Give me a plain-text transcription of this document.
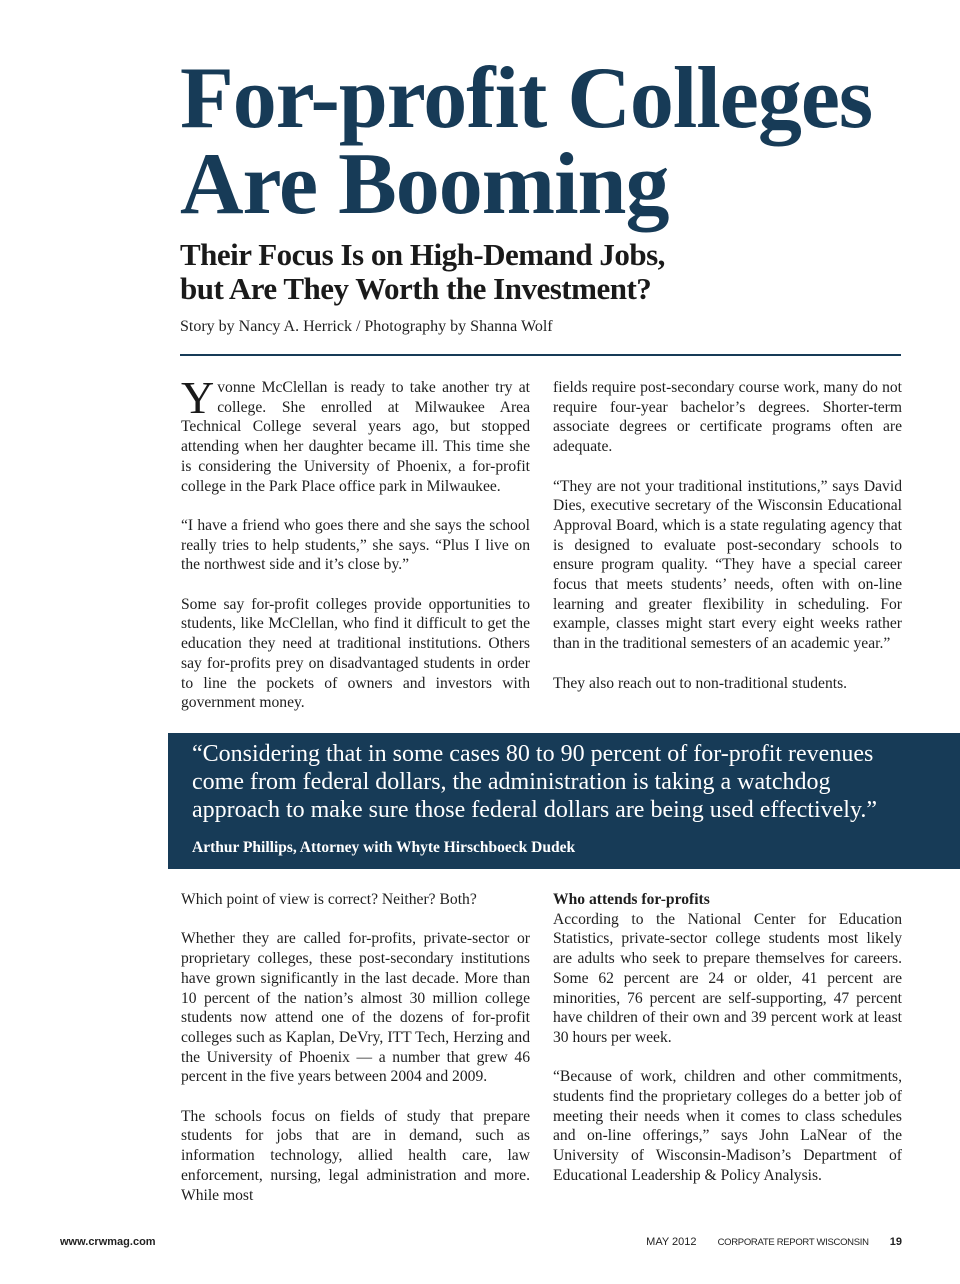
For-profit Colleges
Are Booming
Their Focus Is on High-Demand Jobs,
but Are They Worth the Investment?
Story by Nancy A. Herrick / Photography by Shanna Wolf

Yvonne McClellan is ready to take another try at college. She enrolled at Milwaukee Area Technical College several years ago, but stopped attending when her daughter became ill. This time she is considering the University of Phoenix, a for-profit college in the Park Place office park in Milwaukee.

“I have a friend who goes there and she says the school really tries to help students,” she says. “Plus I live on the northwest side and it’s close by.”

Some say for-profit colleges provide opportunities to students, like McClellan, who find it difficult to get the education they need at traditional institutions. Others say for-profits prey on disadvantaged students in order to line the pockets of owners and investors with government money.

fields require post-secondary course work, many do not require four-year bachelor’s degrees. Shorter-term associate degrees or certificate programs often are adequate.

“They are not your traditional institutions,” says David Dies, executive secretary of the Wisconsin Educational Approval Board, which is a state regulating agency that is designed to evaluate post-secondary schools to ensure program quality. “They have a special career focus that meets students’ needs, often with on-line learning and greater flexibility in scheduling. For example, classes might start every eight weeks rather than in the traditional semesters of an academic year.”

They also reach out to non-traditional students.

“Considering that in some cases 80 to 90 percent of for-profit revenues come from federal dollars, the administration is taking a watchdog approach to make sure those federal dollars are being used effectively.”

Arthur Phillips, Attorney with Whyte Hirschboeck Dudek

Which point of view is correct? Neither? Both?

Whether they are called for-profits, private-sector or proprietary colleges, these post-secondary institutions have grown significantly in the last decade. More than 10 percent of the nation’s almost 30 million college students now attend one of the dozens of for-profit colleges such as Kaplan, DeVry, ITT Tech, Herzing and the University of Phoenix — a number that grew 46 percent in the five years between 2004 and 2009.

The schools focus on fields of study that prepare students for jobs that are in demand, such as information technology, allied health care, law enforcement, nursing, legal administration and more. While most

Who attends for-profits
According to the National Center for Education Statistics, private-sector college students most likely are adults who seek to prepare themselves for careers. Some 62 percent are 24 or older, 41 percent are minorities, 76 percent are self-supporting, 47 percent have children of their own and 39 percent work at least 30 hours per week.

“Because of work, children and other commitments, students find the proprietary colleges do a better job of meeting their needs when it comes to class schedules and on-line offerings,” says John LaNear of the University of Wisconsin-Madison’s Department of Educational Leadership & Policy Analysis.

www.crwmag.com	MAY 2012 CORPORATE REPORT WISCONSIN 19
